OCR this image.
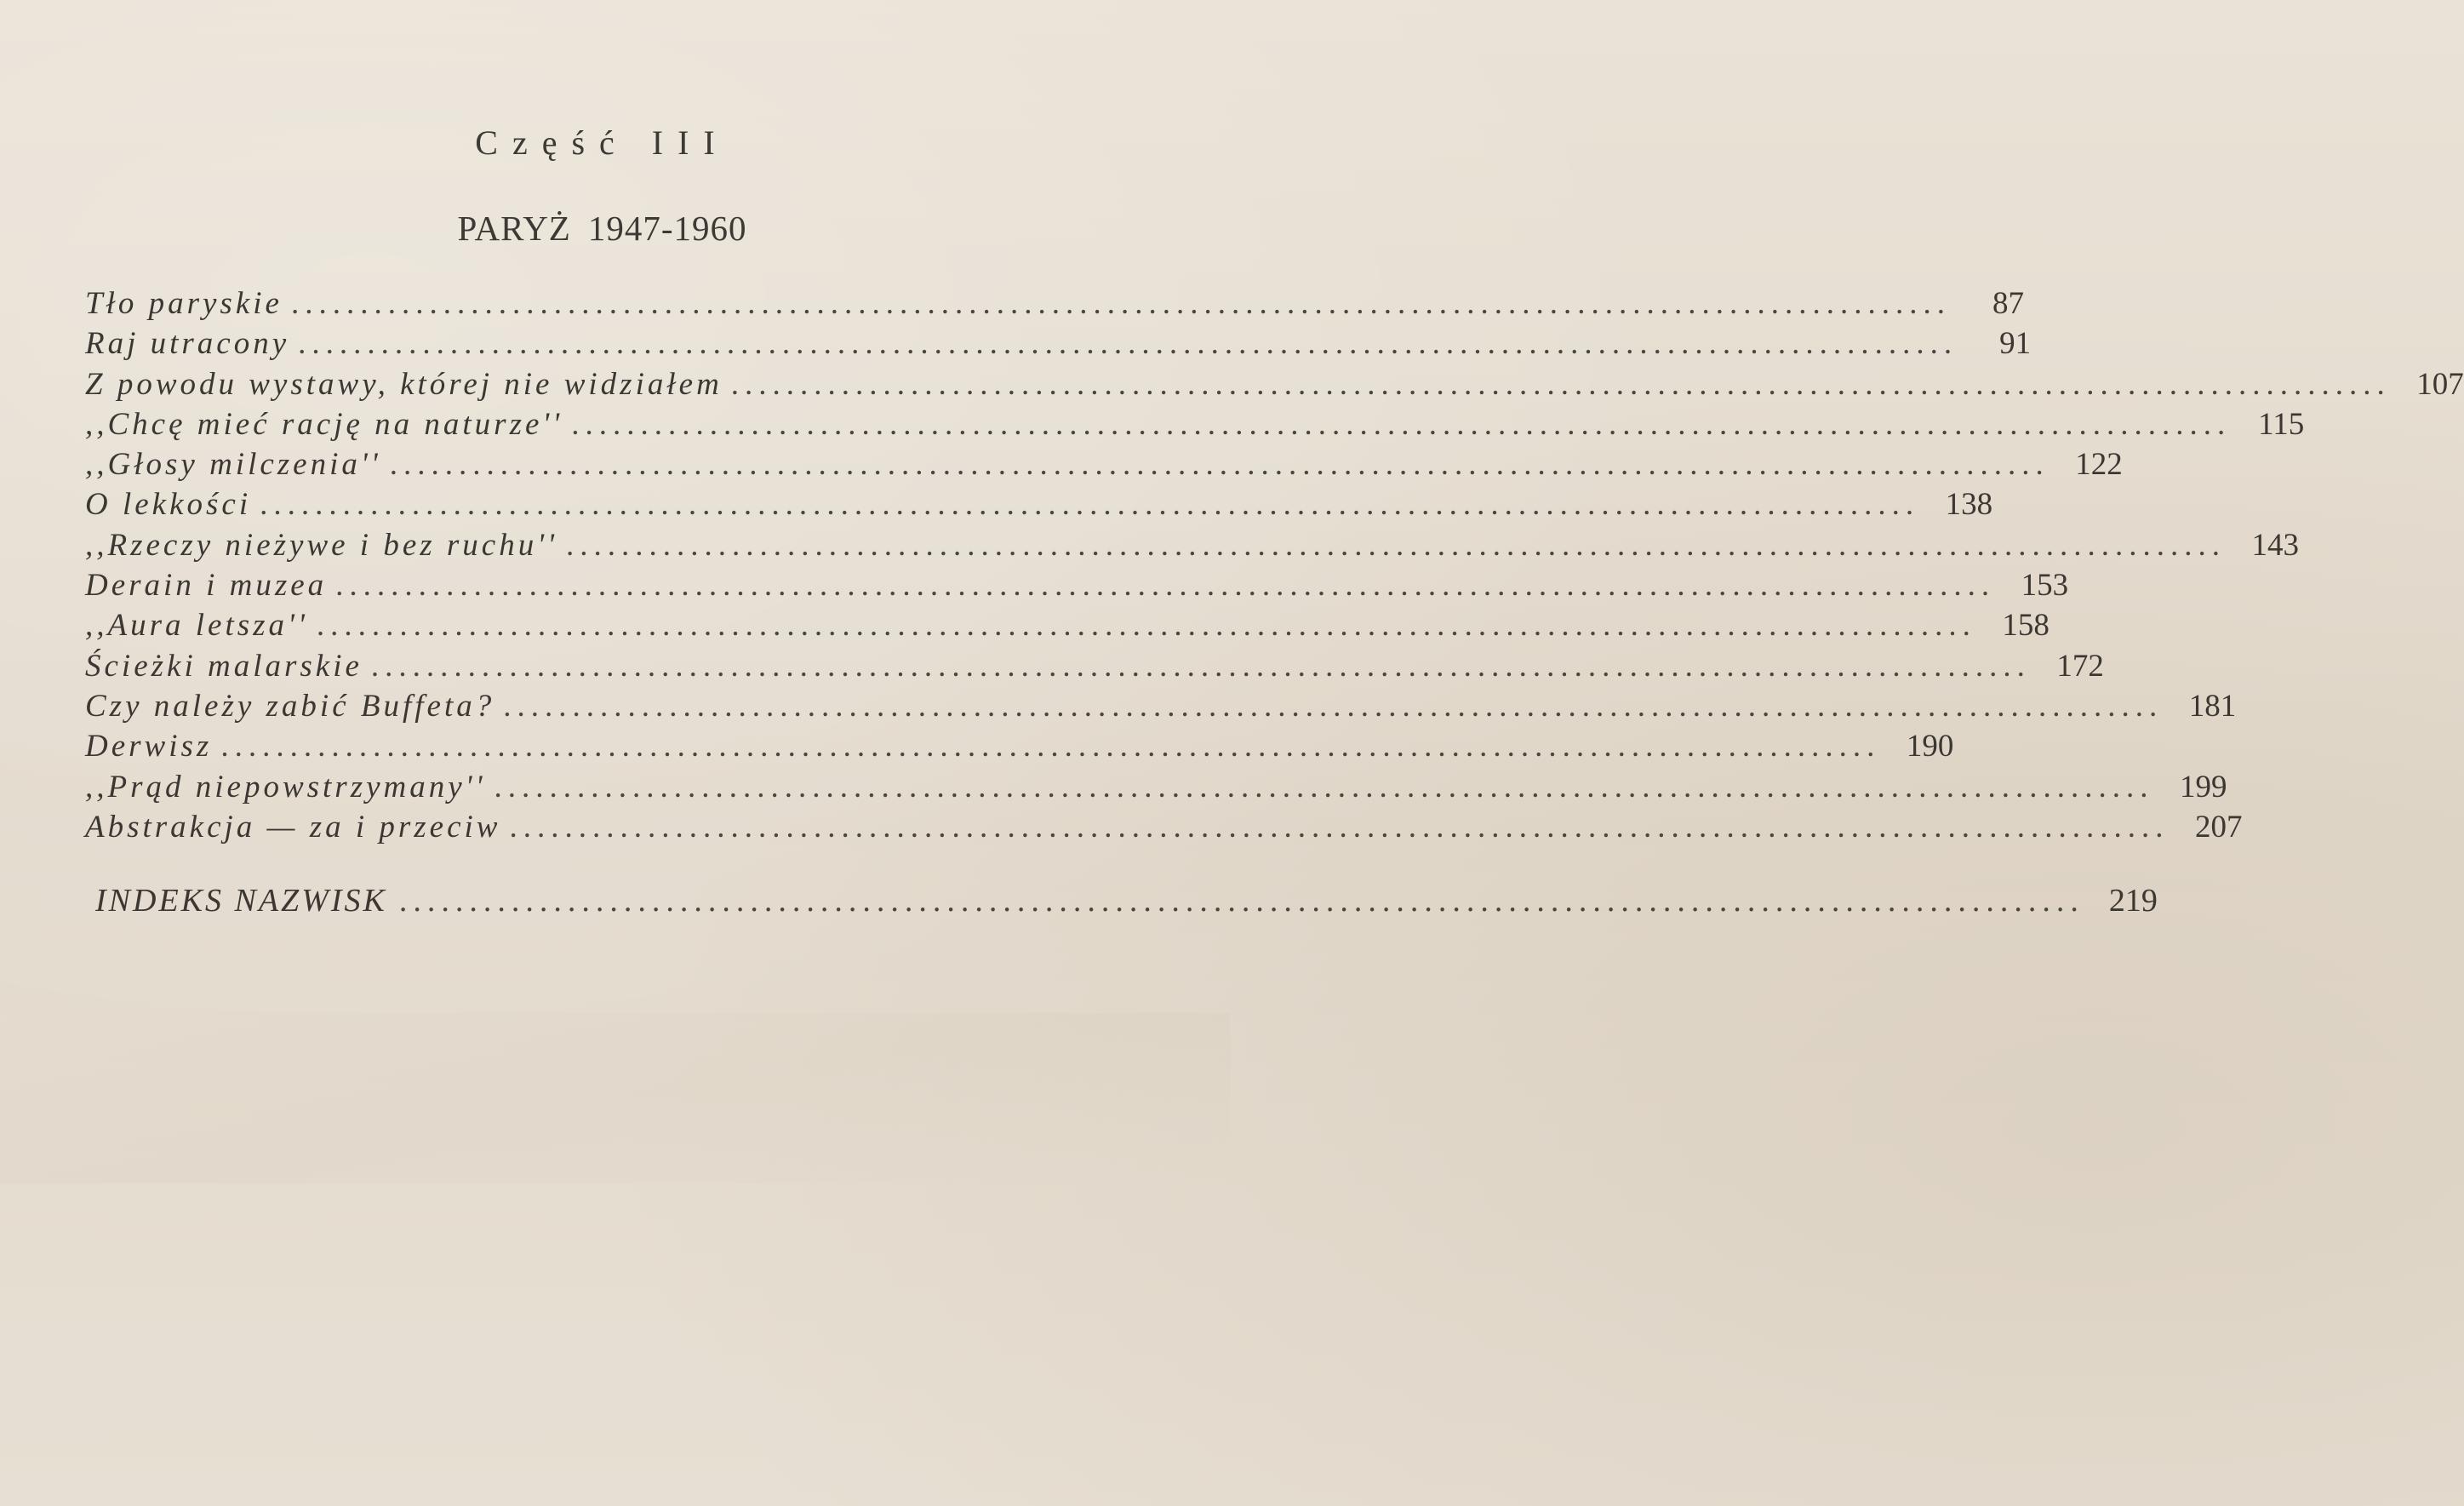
Część III
PARYŻ 1947-1960
Tło paryskie ........................................................................................................................	87
Raj utracony ........................................................................................................................	91
Z powodu wystawy, której nie widziałem ........................................................................................................................ 107
,,Chcę mieć rację na naturze'' ........................................................................................................................ 115
,,Głosy milczenia'' ........................................................................................................................ 122
O lekkości ........................................................................................................................ 138
,,Rzeczy nieżywe i bez ruchu'' ........................................................................................................................ 143
Derain i muzea ........................................................................................................................ 153
,,Aura letsza'' ........................................................................................................................ 158
Ścieżki malarskie ........................................................................................................................ 172
Czy należy zabić Buffeta? ........................................................................................................................ 181
Derwisz ........................................................................................................................ 190
,,Prąd niepowstrzymany'' ........................................................................................................................ 199
Abstrakcja — za i przeciw ........................................................................................................................ 207
INDEKS NAZWISK ........................................................................................................................ 219
